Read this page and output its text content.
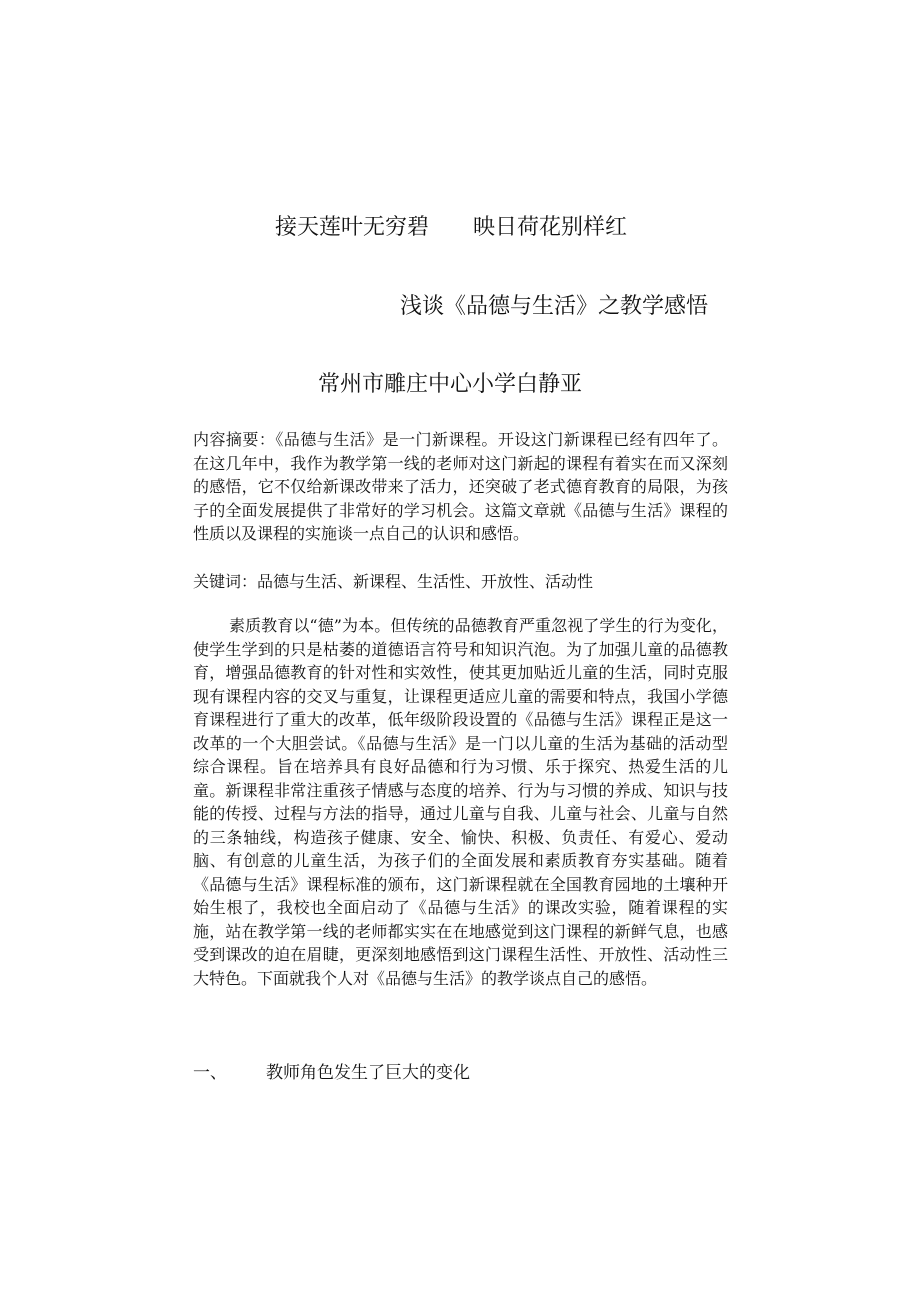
接天莲叶无穷碧 映日荷花别样红
浅谈《品德与生活》之教学感悟
常州市雕庄中心小学白静亚
内容摘要：《品德与生活》是一门新课程。开设这门新课程已经有四年了。在这几年中，我作为教学第一线的老师对这门新起的课程有着实在而又深刻的感悟，它不仅给新课改带来了活力，还突破了老式德育教育的局限，为孩子的全面发展提供了非常好的学习机会。这篇文章就《品德与生活》课程的性质以及课程的实施谈一点自己的认识和感悟。
关键词：品德与生活、新课程、生活性、开放性、活动性
素质教育以“德”为本。但传统的品德教育严重忽视了学生的行为变化，使学生学到的只是枯萎的道德语言符号和知识汽泡。为了加强儿童的品德教育，增强品德教育的针对性和实效性，使其更加贴近儿童的生活，同时克服现有课程内容的交叉与重复，让课程更适应儿童的需要和特点，我国小学德育课程进行了重大的改革，低年级阶段设置的《品德与生活》课程正是这一改革的一个大胆尝试。《品德与生活》是一门以儿童的生活为基础的活动型综合课程。旨在培养具有良好品德和行为习惯、乐于探究、热爱生活的儿童。新课程非常注重孩子情感与态度的培养、行为与习惯的养成、知识与技能的传授、过程与方法的指导，通过儿童与自我、儿童与社会、儿童与自然的三条轴线，构造孩子健康、安全、愉快、积极、负责任、有爱心、爱动脑、有创意的儿童生活，为孩子们的全面发展和素质教育夯实基础。随着《品德与生活》课程标准的颁布，这门新课程就在全国教育园地的土壤种开始生根了，我校也全面启动了《品德与生活》的课改实验，随着课程的实施，站在教学第一线的老师都实实在在地感觉到这门课程的新鲜气息，也感受到课改的迫在眉睫，更深刻地感悟到这门课程生活性、开放性、活动性三大特色。下面就我个人对《品德与生活》的教学谈点自己的感悟。
一、 教师角色发生了巨大的变化
